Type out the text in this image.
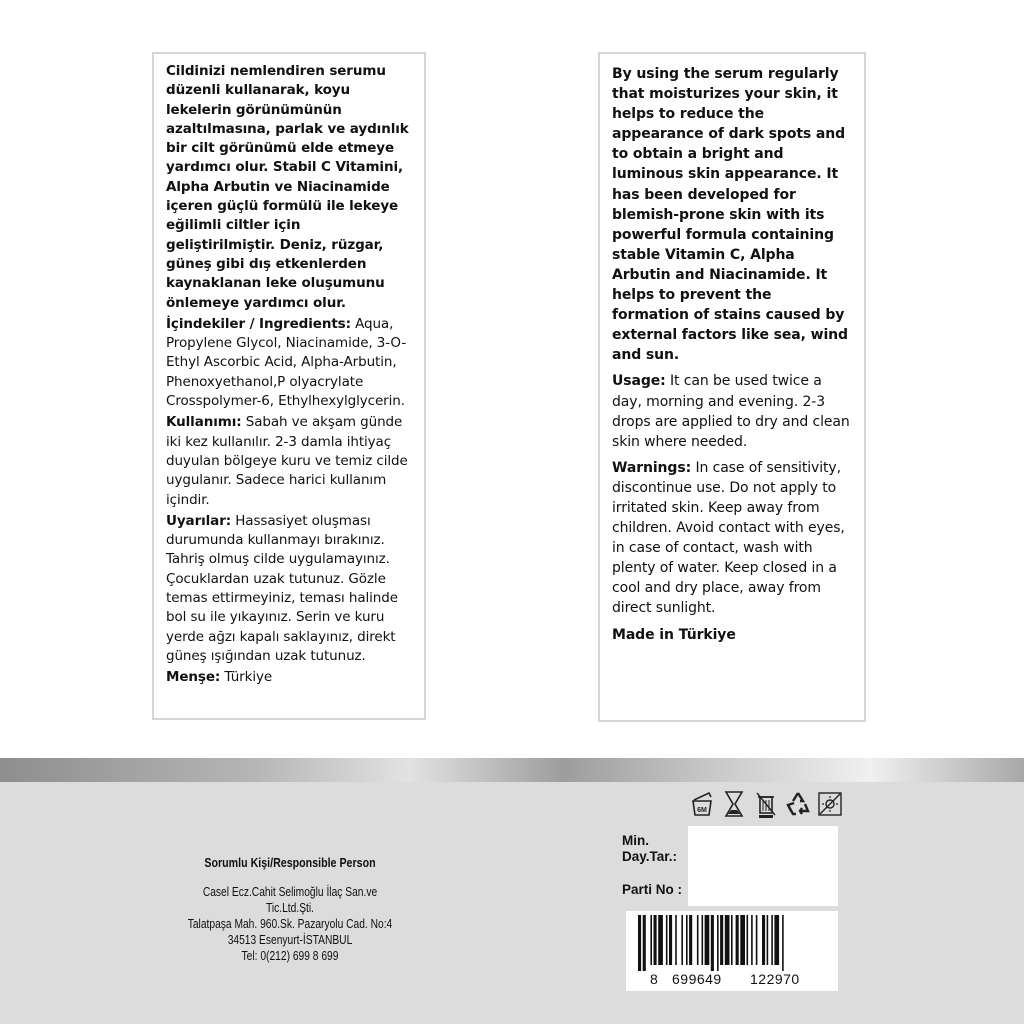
Cildinizi nemlendiren serumu düzenli kullanarak, koyu lekelerin görünümünün azaltılmasına, parlak ve aydınlık bir cilt görünümü elde etmeye yardımcı olur. Stabil C Vitamini, Alpha Arbutin ve Niacinamide içeren güçlü formülü ile lekeye eğilimli ciltler için geliştirilmiştir. Deniz, rüzgar, güneş gibi dış etkenlerden kaynaklanan leke oluşumunu önlemeye yardımcı olur.
İçindekiler / Ingredients: Aqua, Propylene Glycol, Niacinamide, 3-O-Ethyl Ascorbic Acid, Alpha-Arbutin, Phenoxyethanol,P olyacrylate Crosspolymer-6, Ethylhexylglycerin.
Kullanımı: Sabah ve akşam günde iki kez kullanılır. 2-3 damla ihtiyaç duyulan bölgeye kuru ve temiz cilde uygulanır. Sadece harici kullanım içindir.
Uyarılar: Hassasiyet oluşması durumunda kullanmayı bırakınız. Tahriş olmuş cilde uygulamayınız. Çocuklardan uzak tutunuz. Gözle temas ettirmeyiniz, teması halinde bol su ile yıkayınız. Serin ve kuru yerde ağzı kapalı saklayınız, direkt güneş ışığından uzak tutunuz.
Menşe: Türkiye
By using the serum regularly that moisturizes your skin, it helps to reduce the appearance of dark spots and to obtain a bright and luminous skin appearance. It has been developed for blemish-prone skin with its powerful formula containing stable Vitamin C, Alpha Arbutin and Niacinamide. It helps to prevent the formation of stains caused by external factors like sea, wind and sun.
Usage: It can be used twice a day, morning and evening. 2-3 drops are applied to dry and clean skin where needed.
Warnings: In case of sensitivity, discontinue use. Do not apply to irritated skin. Keep away from children. Avoid contact with eyes, in case of contact, wash with plenty of water. Keep closed in a cool and dry place, away from direct sunlight.
Made in Türkiye
Sorumlu Kişi/Responsible Person
Casel Ecz.Cahit Selimoğlu İlaç San.ve Tic.Ltd.Şti.
Talatpaşa Mah. 960.Sk. Pazaryolu Cad. No:4
34513 Esenyurt-İSTANBUL
Tel: 0(212) 699 8 699
6M
Min.
Day.Tar.:
Parti No :
8 699649 122970
